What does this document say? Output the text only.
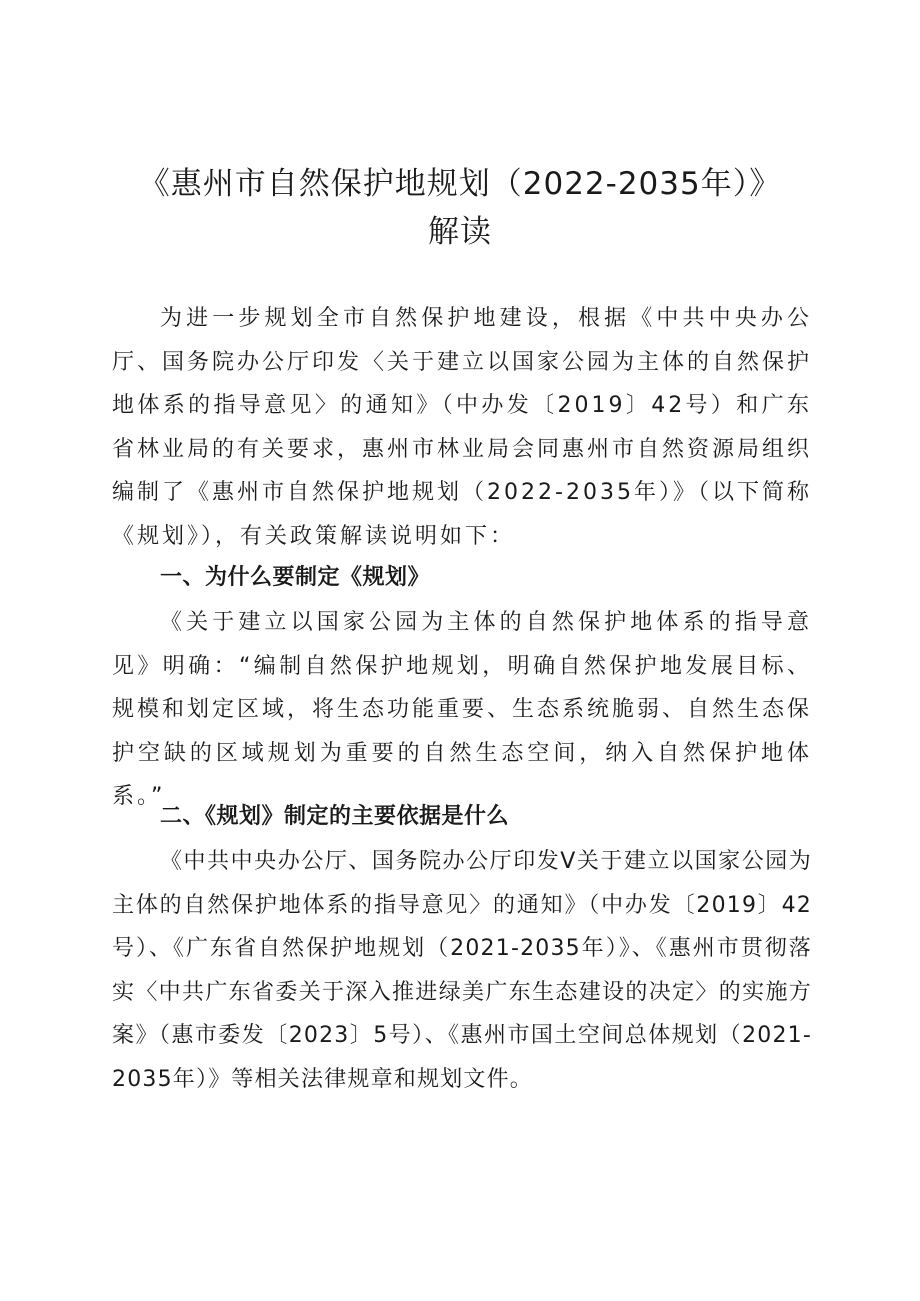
《惠州市自然保护地规划（2022-2035年）》
解读
为进一步规划全市自然保护地建设，根据《中共中央办公厅、国务院办公厅印发〈关于建立以国家公园为主体的自然保护地体系的指导意见〉的通知》（中办发〔2019〕42号）和广东省林业局的有关要求，惠州市林业局会同惠州市自然资源局组织编制了《惠州市自然保护地规划（2022-2035年）》（以下简称《规划》），有关政策解读说明如下：
一、为什么要制定《规划》
《关于建立以国家公园为主体的自然保护地体系的指导意见》明确：“编制自然保护地规划，明确自然保护地发展目标、规模和划定区域，将生态功能重要、生态系统脆弱、自然生态保护空缺的区域规划为重要的自然生态空间，纳入自然保护地体系。”
二、《规划》制定的主要依据是什么
《中共中央办公厅、国务院办公厅印发Ⅴ关于建立以国家公园为主体的自然保护地体系的指导意见〉的通知》（中办发〔2019〕42号）、《广东省自然保护地规划（2021-2035年）》、《惠州市贯彻落实〈中共广东省委关于深入推进绿美广东生态建设的决定〉的实施方案》（惠市委发〔2023〕5号）、《惠州市国土空间总体规划（2021-2035年）》等相关法律规章和规划文件。
